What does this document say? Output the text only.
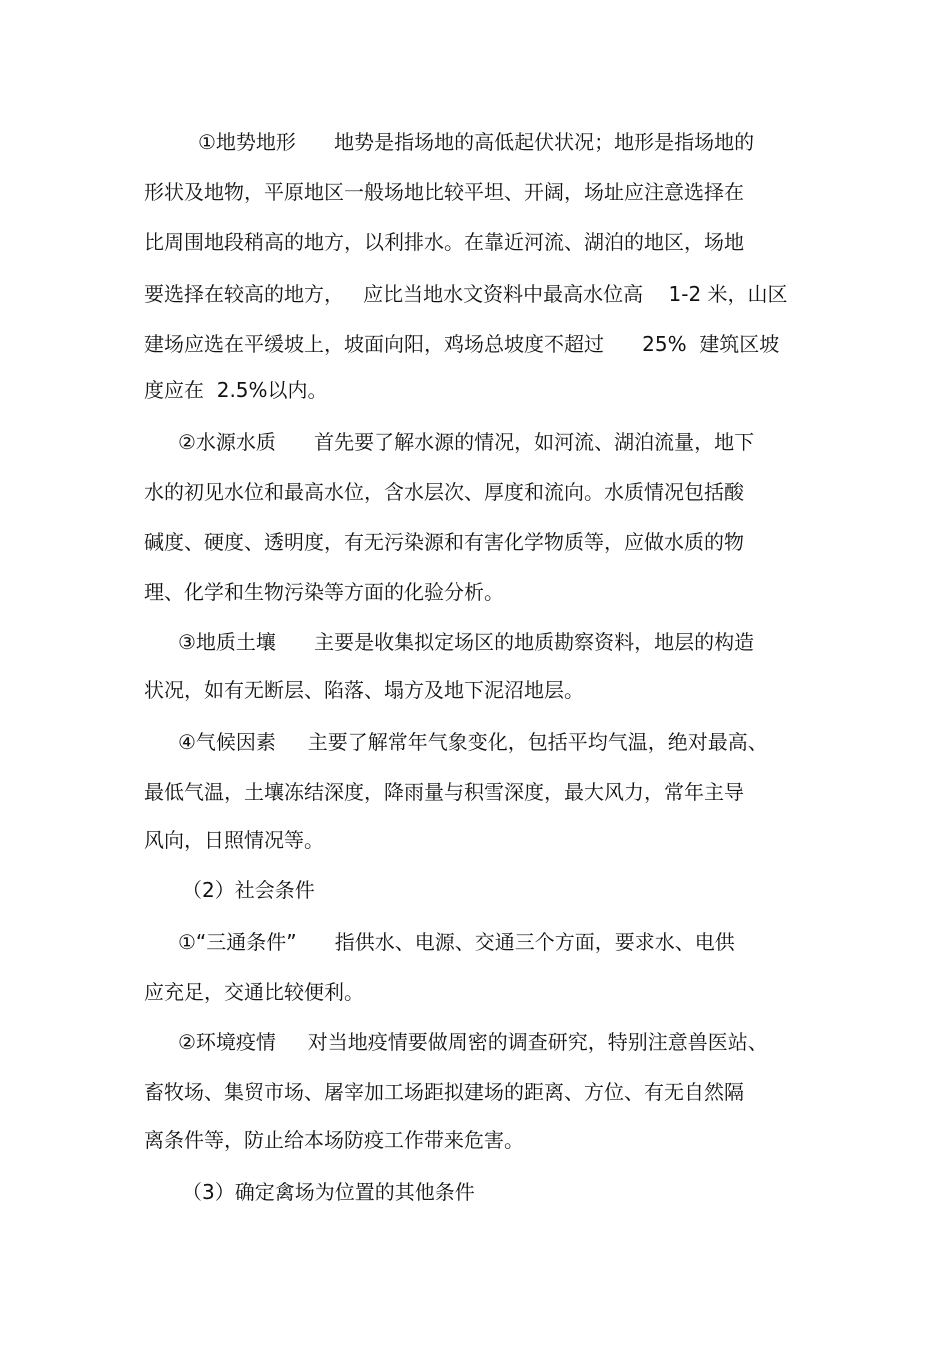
①地势地形      地势是指场地的高低起伏状况；地形是指场地的
形状及地物，平原地区一般场地比较平坦、开阔，场址应注意选择在
比周围地段稍高的地方，以利排水。在靠近河流、湖泊的地区，场地
要选择在较高的地方，   应比当地水文资料中最高水位高    1-2 米，山区
建场应选在平缓坡上，坡面向阳，鸡场总坡度不超过      25%  建筑区坡
度应在  2.5%以内。
②水源水质      首先要了解水源的情况，如河流、湖泊流量，地下
水的初见水位和最高水位，含水层次、厚度和流向。水质情况包括酸
碱度、硬度、透明度，有无污染源和有害化学物质等，应做水质的物
理、化学和生物污染等方面的化验分析。
③地质土壤      主要是收集拟定场区的地质勘察资料，地层的构造
状况，如有无断层、陷落、塌方及地下泥沼地层。
④气候因素     主要了解常年气象变化，包括平均气温，绝对最高、
最低气温，土壤冻结深度，降雨量与积雪深度，最大风力，常年主导
风向，日照情况等。
（2）社会条件
①“三通条件”      指供水、电源、交通三个方面，要求水、电供
应充足，交通比较便利。
②环境疫情     对当地疫情要做周密的调查研究，特别注意兽医站、
畜牧场、集贸市场、屠宰加工场距拟建场的距离、方位、有无自然隔
离条件等，防止给本场防疫工作带来危害。
（3）确定禽场为位置的其他条件
